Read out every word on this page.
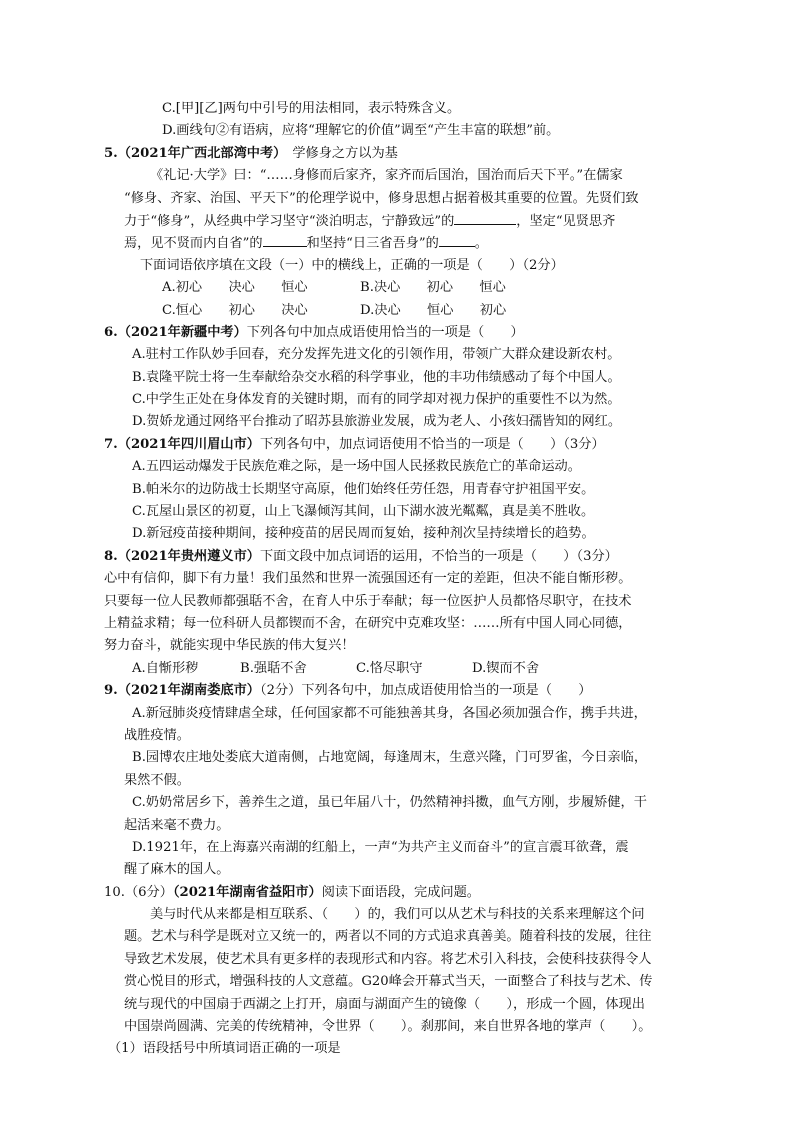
C.[甲][乙]两句中引号的用法相同，表示特殊含义。
D.画线句②有语病，应将“理解它的价值”调至“产生丰富的联想”前。
5.（2021年广西北部湾中考） 学修身之方以为基
《礼记·大学》曰：“……身修而后家齐，家齐而后国治，国治而后天下平。”在儒家
“修身、齐家、治国、平天下”的伦理学说中，修身思想占据着极其重要的位置。先贤们致
力于“修身”，从经典中学习坚守“淡泊明志，宁静致远”的	，坚定“见贤思齐
焉，见不贤而内自省”的	和坚持“日三省吾身”的	。
下面词语依序填在文段（一）中的横线上，正确的一项是（　　）（2分）
A.初心　　决心　　恒心	B.决心　　初心　　恒心
C.恒心　　初心　　决心	D.决心　　恒心　　初心
6.（2021年新疆中考）下列各句中加点成语使用恰当的一项是（　　）
A.驻村工作队妙手回春，充分发挥先进文化的引领作用，带领广大群众建设新农村。
B.袁隆平院士将一生奉献给杂交水稻的科学事业，他的丰功伟绩感动了每个中国人。
C.中学生正处在身体发育的关键时期，而有的同学却对视力保护的重要性不以为然。
D.贺娇龙通过网络平台推动了昭苏县旅游业发展，成为老人、小孩妇孺皆知的网红。
7.（2021年四川眉山市）下列各句中，加点词语使用不恰当的一项是（　　）（3分）
A.五四运动爆发于民族危难之际，是一场中国人民拯救民族危亡的革命运动。
B.帕米尔的边防战士长期坚守高原，他们始终任劳任怨，用青春守护祖国平安。
C.瓦屋山景区的初夏，山上飞瀑倾泻其间，山下湖水波光粼粼，真是美不胜收。
D.新冠疫苗接种期间，接种疫苗的居民周而复始，接种剂次呈持续增长的趋势。
8.（2021年贵州遵义市）下面文段中加点词语的运用，不恰当的一项是（　　）（3分）
心中有信仰，脚下有力量！我们虽然和世界一流强国还有一定的差距，但决不能自惭形秽。
只要每一位人民教师都强聒不舍，在育人中乐于奉献；每一位医护人员都恪尽职守，在技术
上精益求精；每一位科研人员都锲而不舍，在研究中克难攻坚：……所有中国人同心同德，
努力奋斗，就能实现中华民族的伟大复兴！
A.自惭形秽	B.强聒不舍	C.恪尽职守	D.锲而不舍
9.（2021年湖南娄底市）（2分）下列各句中，加点成语使用恰当的一项是（　　）
A.新冠肺炎疫情肆虐全球，任何国家都不可能独善其身，各国必须加强合作，携手共进，
战胜疫情。
B.园博农庄地处娄底大道南侧，占地宽阔，每逢周末，生意兴隆，门可罗雀，今日亲临，
果然不假。
C.奶奶常居乡下，善养生之道，虽已年届八十，仍然精神抖擞，血气方刚，步履矫健，干
起活来毫不费力。
D.1921年，在上海嘉兴南湖的红船上，一声“为共产主义而奋斗”的宣言震耳欲聋，震
醒了麻木的国人。
10.（6分）（2021年湖南省益阳市）阅读下面语段，完成问题。
美与时代从来都是相互联系、（　　）的，我们可以从艺术与科技的关系来理解这个问
题。艺术与科学是既对立又统一的，两者以不同的方式追求真善美。随着科技的发展，往往
导致艺术发展，使艺术具有更多样的表现形式和内容。将艺术引入科技，会使科技获得令人
赏心悦目的形式，增强科技的人文意蕴。G20峰会开幕式当天，一面整合了科技与艺术、传
统与现代的中国扇于西湖之上打开，扇面与湖面产生的镜像（　　），形成一个圆，体现出
中国崇尚圆满、完美的传统精神，令世界（　　）。刹那间，来自世界各地的掌声（　　）。
（1）语段括号中所填词语正确的一项是
